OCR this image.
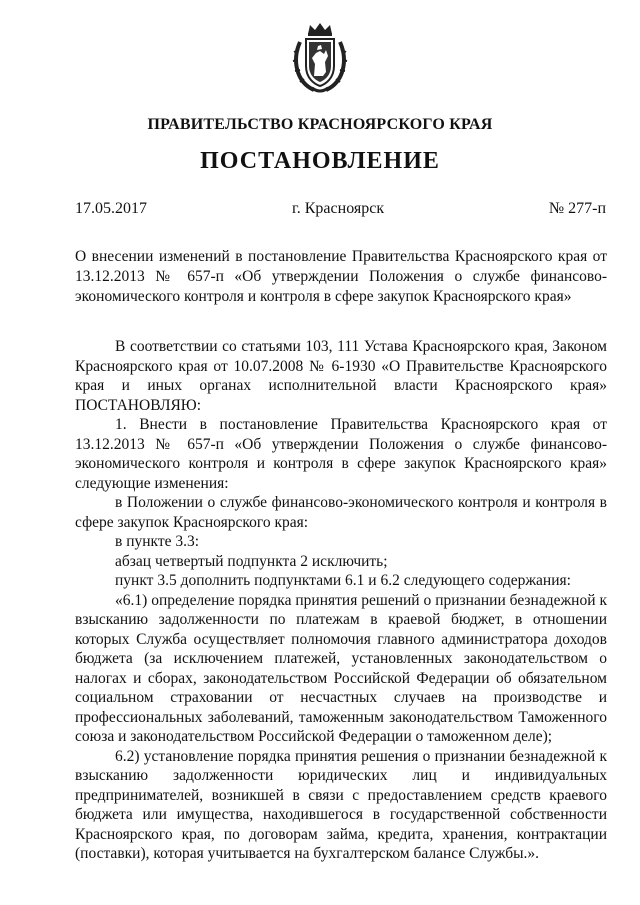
ПРАВИТЕЛЬСТВО КРАСНОЯРСКОГО КРАЯ
ПОСТАНОВЛЕНИЕ
17.05.2017	г. Красноярск	№ 277-п

О внесении изменений в постановление Правительства Красноярского края от 13.12.2013 № 657-п «Об утверждении Положения о службе финансово-экономического контроля и контроля в сфере закупок Красноярского края»

В соответствии со статьями 103, 111 Устава Красноярского края, Законом Красноярского края от 10.07.2008 № 6-1930 «О Правительстве Красноярского края и иных органах исполнительной власти Красноярского края» ПОСТАНОВЛЯЮ:

1. Внести в постановление Правительства Красноярского края от 13.12.2013 № 657-п «Об утверждении Положения о службе финансово-экономического контроля и контроля в сфере закупок Красноярского края» следующие изменения:

в Положении о службе финансово-экономического контроля и контроля в сфере закупок Красноярского края:

в пункте 3.3:

абзац четвертый подпункта 2 исключить;

пункт 3.5 дополнить подпунктами 6.1 и 6.2 следующего содержания:

«6.1) определение порядка принятия решений о признании безнадежной к взысканию задолженности по платежам в краевой бюджет, в отношении которых Служба осуществляет полномочия главного администратора доходов бюджета (за исключением платежей, установленных законодательством о налогах и сборах, законодательством Российской Федерации об обязательном социальном страховании от несчастных случаев на производстве и профессиональных заболеваний, таможенным законодательством Таможенного союза и законодательством Российской Федерации о таможенном деле);

6.2) установление порядка принятия решения о признании безнадежной к взысканию задолженности юридических лиц и индивидуальных предпринимателей, возникшей в связи с предоставлением средств краевого бюджета или имущества, находившегося в государственной собственности Красноярского края, по договорам займа, кредита, хранения, контрактации (поставки), которая учитывается на бухгалтерском балансе Службы.».
